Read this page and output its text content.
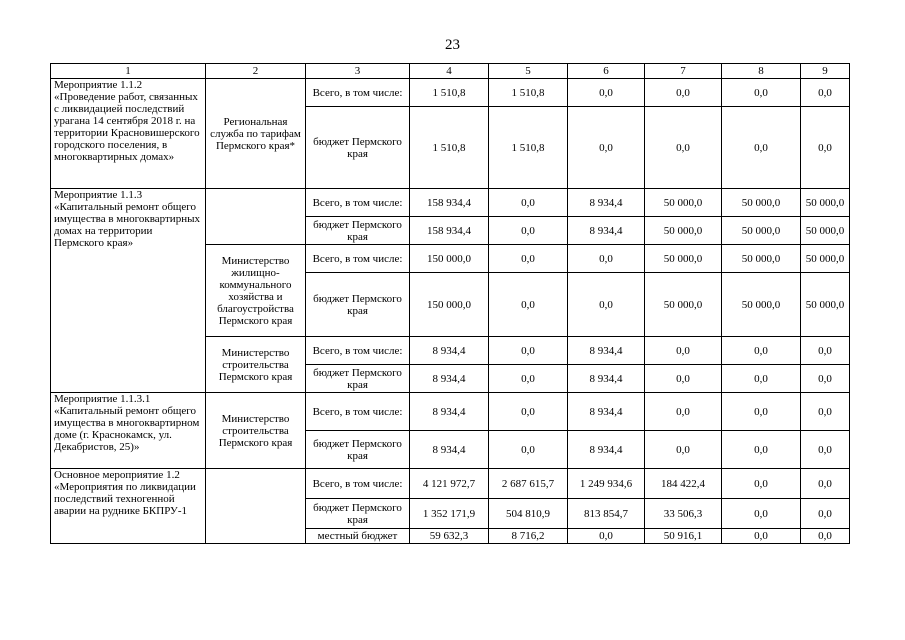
23
1	2	3	4	5	6	7	8	9
Мероприятие 1.1.2 «Проведение работ, связанных с ликвидацией последствий урагана 14 сентября 2018 г. на территории Красновишерского городского поселения, в многоквартирных домах»	Региональная служба по тарифам Пермского края*	Всего, в том числе:	1 510,8	1 510,8	0,0	0,0	0,0	0,0
		бюджет Пермского края	1 510,8	1 510,8	0,0	0,0	0,0	0,0
Мероприятие 1.1.3 «Капитальный ремонт общего имущества в многоквартирных домах на территории Пермского края»		Всего, в том числе:	158 934,4	0,0	8 934,4	50 000,0	50 000,0	50 000,0
		бюджет Пермского края	158 934,4	0,0	8 934,4	50 000,0	50 000,0	50 000,0
	Министерство жилищно-коммунального хозяйства и благоустройства Пермского края	Всего, в том числе:	150 000,0	0,0	0,0	50 000,0	50 000,0	50 000,0
		бюджет Пермского края	150 000,0	0,0	0,0	50 000,0	50 000,0	50 000,0
	Министерство строительства Пермского края	Всего, в том числе:	8 934,4	0,0	8 934,4	0,0	0,0	0,0
		бюджет Пермского края	8 934,4	0,0	8 934,4	0,0	0,0	0,0
Мероприятие 1.1.3.1 «Капитальный ремонт общего имущества в многоквартирном доме (г. Краснокамск, ул. Декабристов, 25)»	Министерство строительства Пермского края	Всего, в том числе:	8 934,4	0,0	8 934,4	0,0	0,0	0,0
		бюджет Пермского края	8 934,4	0,0	8 934,4	0,0	0,0	0,0
Основное мероприятие 1.2 «Мероприятия по ликвидации последствий техногенной аварии на руднике БКПРУ-1		Всего, в том числе:	4 121 972,7	2 687 615,7	1 249 934,6	184 422,4	0,0	0,0
		бюджет Пермского края	1 352 171,9	504 810,9	813 854,7	33 506,3	0,0	0,0
		местный бюджет	59 632,3	8 716,2	0,0	50 916,1	0,0	0,0
